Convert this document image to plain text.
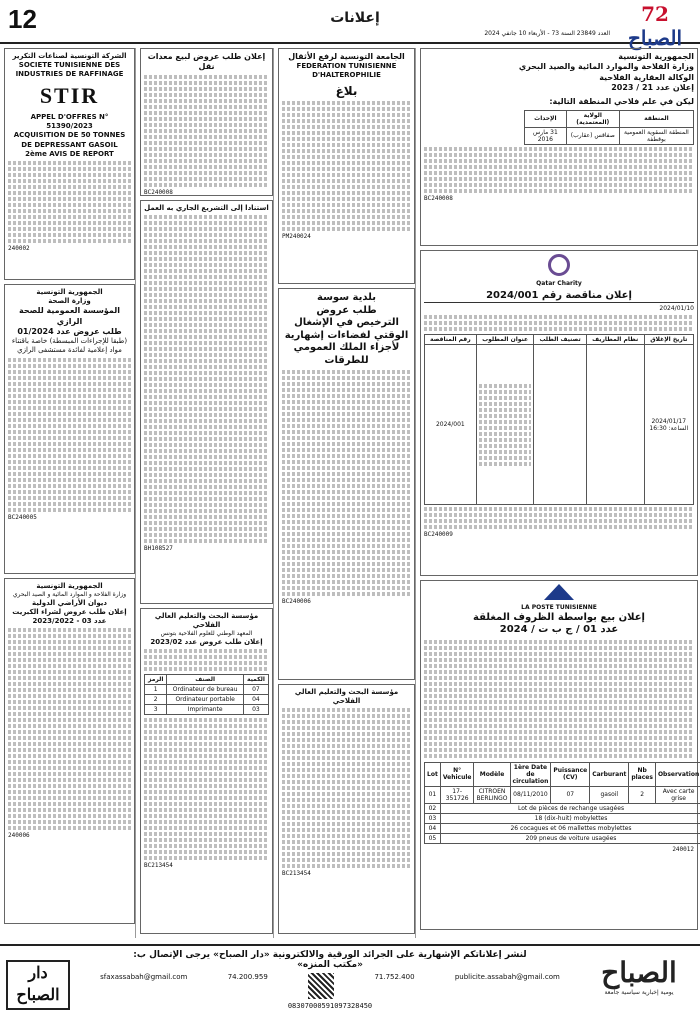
12	إعلانات
العدد 23849 السنة 73 - الأربعاء 10 جانفي 2024
72 الصباح
الشركة التونسية لصناعات التكرير
SOCIETE TUNISIENNE DES INDUSTRIES DE RAFFINAGE
STIR
APPEL D'OFFRES N° 51390/2023
ACQUISITION DE 50 TONNES DE DEPRESSANT GASOIL
2ème AVIS DE REPORT
240002
الجمهورية التونسية
وزارة الصحة
المؤسسة العمومية للصحة الرازي
طلب عروض عدد 01/2024
(طبقا للإجراءات المبسطة) خاصة باقتناء مواد إعلامية لفائدة مستشفى الرازي
BC240005
الجمهورية التونسية
وزارة الفلاحة و الموارد المائية و الصيد البحري
ديوان الأراضي الدولية
إعلان طلب عروض لشراء الكبريت
عدد 03 - 2023/2022
240006
إعلان طلب عروض لبيع معدات نقل
BC240008
استنادا إلى التشريع الجاري به العمل
BH108527
مؤسسة البحث والتعليم العالي الفلاحي
المعهد الوطني للعلوم الفلاحية بتونس
إعلان طلب عروض عدد 2023/02
الرمز	الصنف	الكمية
1	Ordinateur de bureau	07
2	Ordinateur portable	04
3	Imprimante	03
BC213454
الجامعة التونسية لرفع الأثقال
FEDERATION TUNISIENNE D'HALTEROPHILIE
بلاغ
PM240024
بلدية سوسة
طلب عروض
الترخيص في الإشغال الوقتي لفضاءات إشهارية لأجزاء الملك العمومي للطرقات
BC240006
مؤسسة البحث والتعليم العالي الفلاحي
BC213454
الجمهورية التونسية
وزارة الفلاحة والموارد المائية والصيد البحري
الوكالة العقارية الفلاحية
إعلان عدد 21 / 2023
ليكن في علم فلاحي المنطقة التالية:
المنطقة	الولاية (المعتمدية)	الإحداث
المنطقة السقوية العمومية بوقطفة	صفاقس (عقارب)	31 مارس 2016
BC240008
Qatar Charity
إعلان مناقصة رقم 2024/001
2024/01/10
تاريخ الإغلاق	نظام المطاريف	تصنيف الطلب	عنوان المطلوب	رقم المناقصة

2024/01/17
الساعة: 16:30				2024/001
BC240009
LA POSTE TUNISIENNE
إعلان بيع بواسطة الظروف المغلقة
عدد 01 / ج ب ت / 2024
Lot	N° Vehicule	Modèle	1ère Date de circulation	Puissance (CV)	Carburant	Nb places	Observation
01	17-351726	CITROEN BERLINGO	08/11/2010	07	gasoil	2	Avec carte grise
02	Lot de pièces de rechange usagées						
03	18 (dix-huit) mobylettes						
04	26 cocagues et 06 mallettes mobylettes						
05	209 pneus de voiture usagées						
240012
دار الصباح
لنشر إعلاناتكم الإشهارية على الجرائد الورقية والالكترونية «دار الصباح» يرجى الإتصال ب:
«مكتب المنزه»
sfaxassabah@gmail.com	74.200.959	71.752.400	publicite.assabah@gmail.com
08307000591097328450
الصباح
يومية إخبارية سياسية جامعة
